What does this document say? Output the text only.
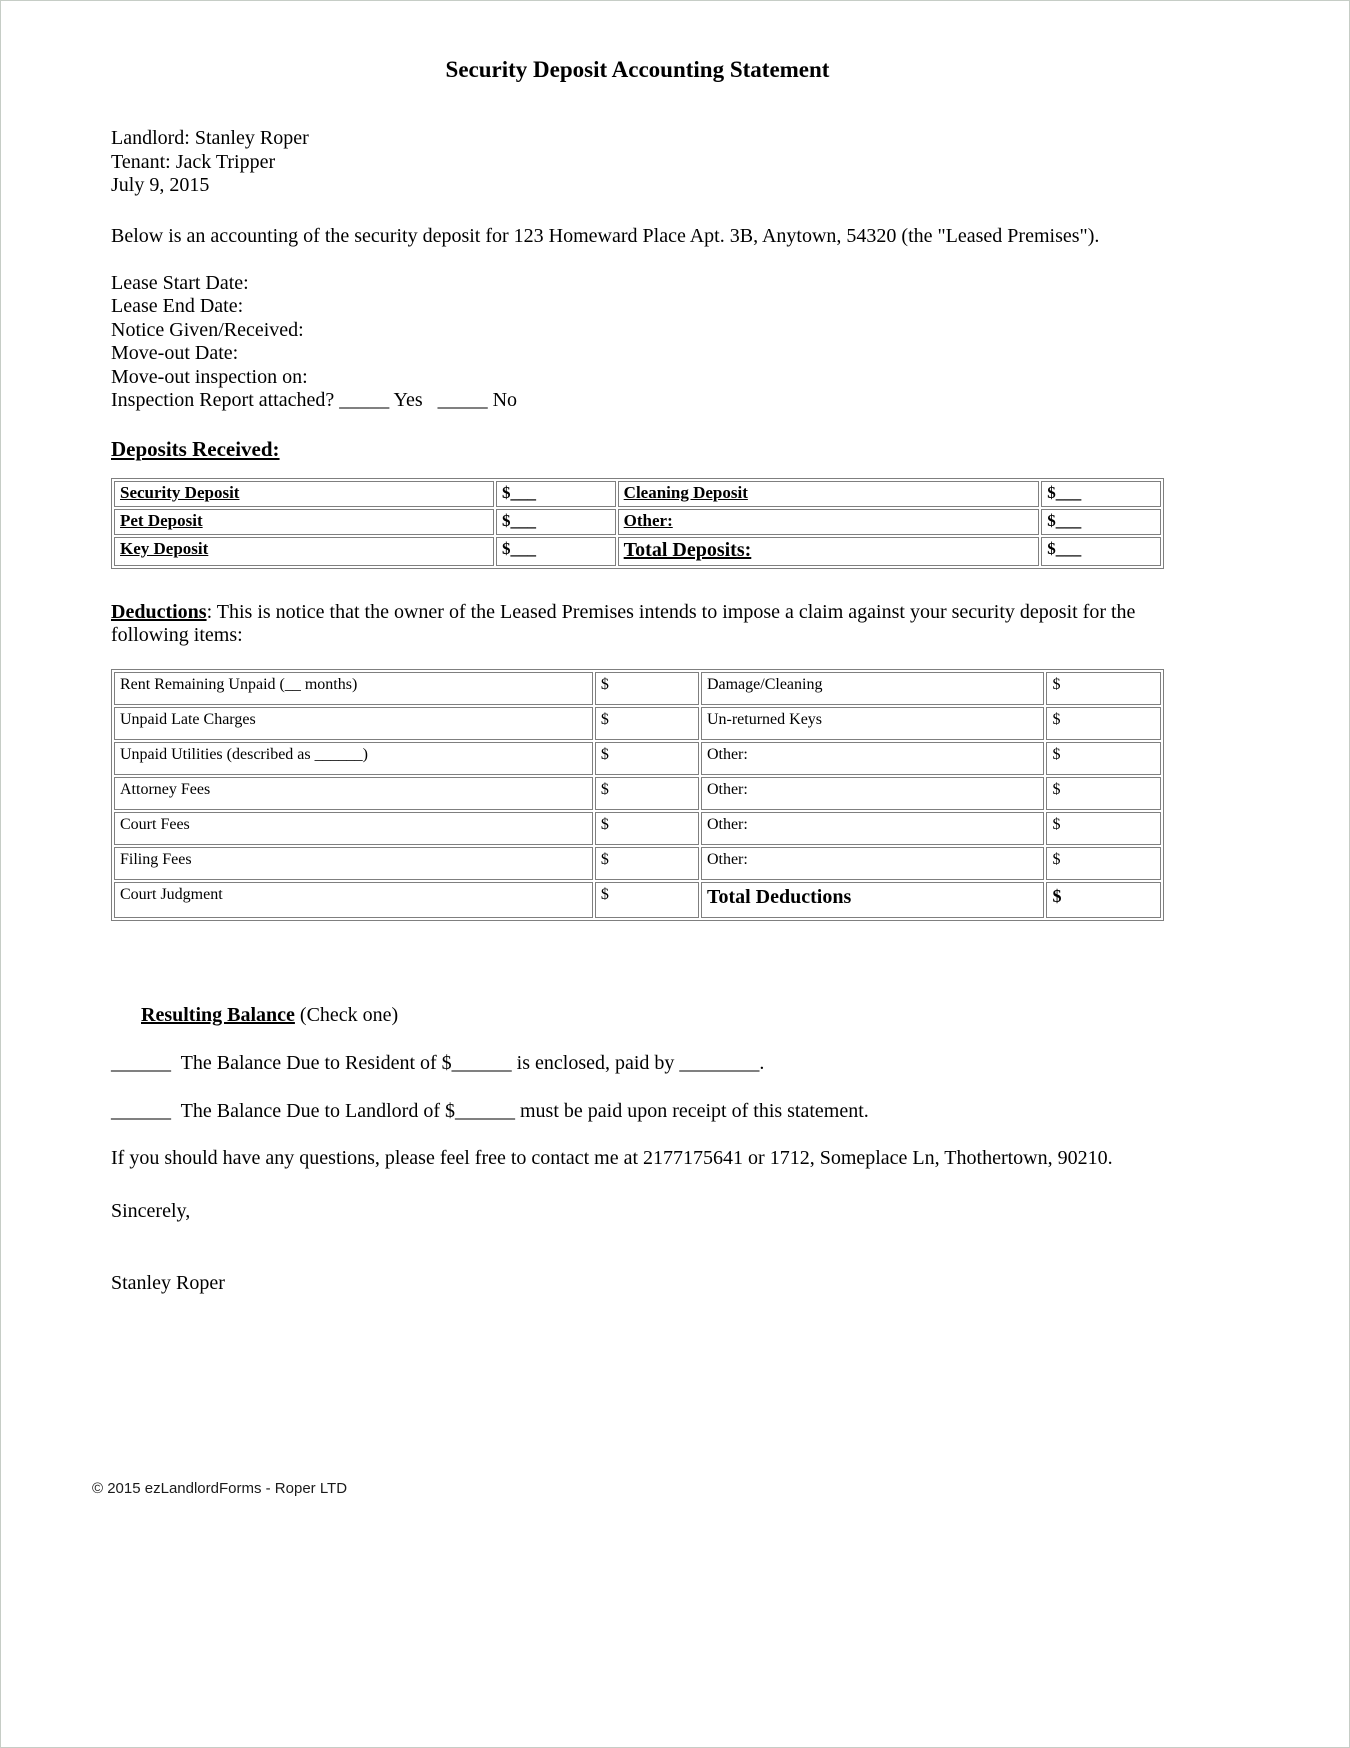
Security Deposit Accounting Statement
Landlord: Stanley Roper
Tenant: Jack Tripper
July 9, 2015

Below is an accounting of the security deposit for 123 Homeward Place Apt. 3B, Anytown, 54320 (the "Leased Premises").

Lease Start Date:
Lease End Date:
Notice Given/Received:
Move-out Date:
Move-out inspection on:
Inspection Report attached? _____ Yes   _____ No
Deposits Received:
Security Deposit	$___	Cleaning Deposit	$___
Pet Deposit	$___	Other:	$___
Key Deposit	$___	Total Deposits:	$___

Deductions: This is notice that the owner of the Leased Premises intends to impose a claim against your security deposit for the following items:

Rent Remaining Unpaid (__ months)	$	Damage/Cleaning	$
Unpaid Late Charges	$	Un-returned Keys	$
Unpaid Utilities (described as ______)	$	Other:	$
Attorney Fees	$	Other:	$
Court Fees	$	Other:	$
Filing Fees	$	Other:	$
Court Judgment	$	Total Deductions	$

Resulting Balance (Check one)

______  The Balance Due to Resident of $______ is enclosed, paid by ________.
______  The Balance Due to Landlord of $______ must be paid upon receipt of this statement.

If you should have any questions, please feel free to contact me at 2177175641 or 1712, Someplace Ln, Thothertown, 90210.

Sincerely,
Stanley Roper
© 2015 ezLandlordForms - Roper LTD
